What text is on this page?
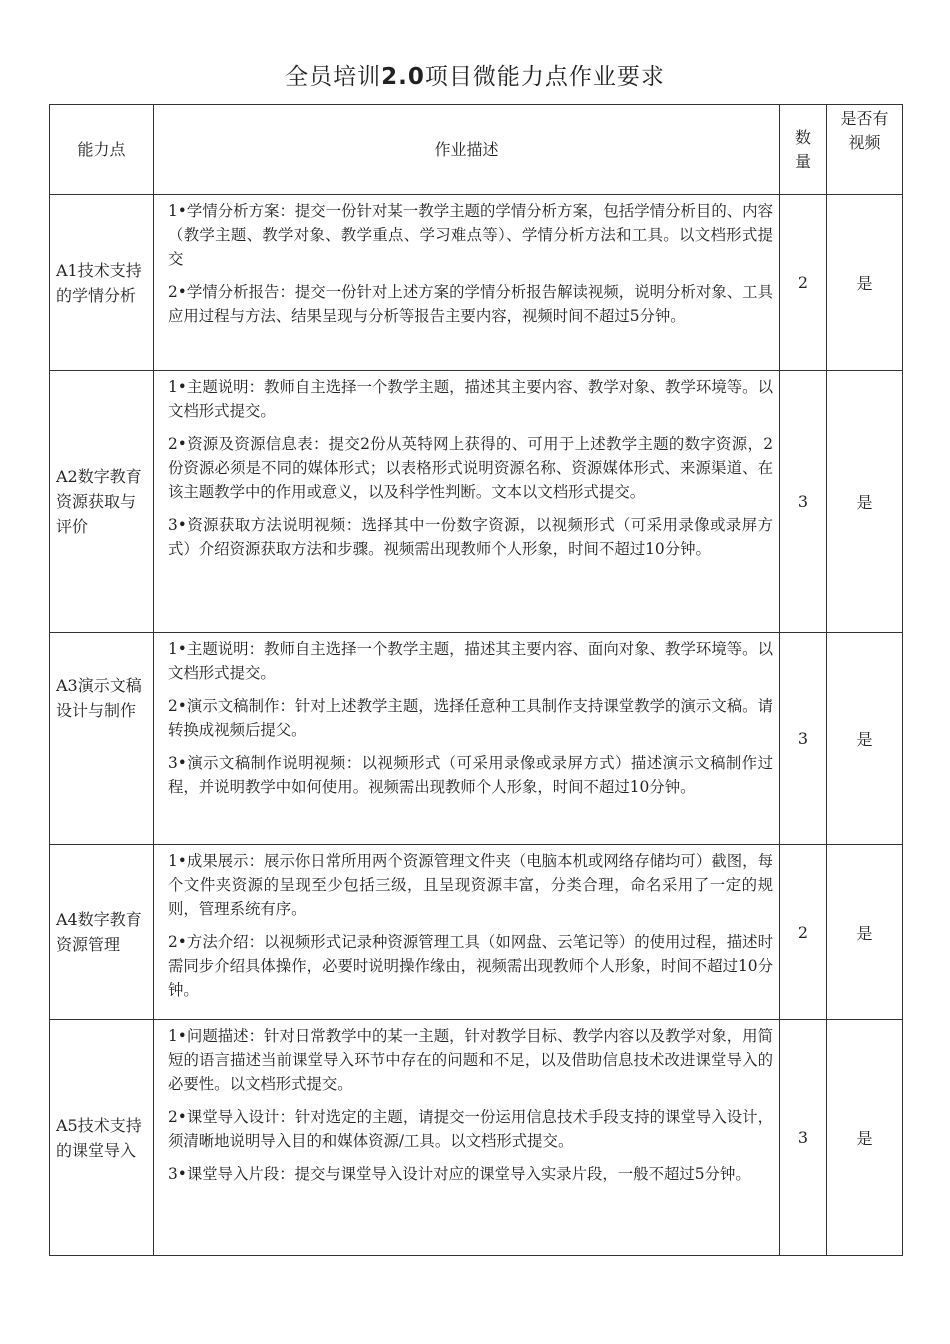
全员培训2.0项目微能力点作业要求
能力点	作业描述	数量	是否有视频
A1技术支持的学情分析	1•学情分析方案：提交一份针对某一教学主题的学情分析方案，包括学情分析目的、内容（教学主题、教学对象、教学重点、学习难点等）、学情分析方法和工具。以文档形式提交
2•学情分析报告：提交一份针对上述方案的学情分析报告解读视频，说明分析对象、工具应用过程与方法、结果呈现与分析等报告主要内容，视频时间不超过5分钟。	2	是
A2数字教育资源获取与评价	1•主题说明：教师自主选择一个教学主题，描述其主要内容、教学对象、教学环境等。以文档形式提交。
2•资源及资源信息表：提交2份从英特网上获得的、可用于上述教学主题的数字资源，2份资源必须是不同的媒体形式；以表格形式说明资源名称、资源媒体形式、来源渠道、在该主题教学中的作用或意义，以及科学性判断。文本以文档形式提交。
3•资源获取方法说明视频：选择其中一份数字资源，以视频形式（可采用录像或录屏方式）介绍资源获取方法和步骤。视频需出现教师个人形象，时间不超过10分钟。	3	是
A3演示文稿设计与制作	1•主题说明：教师自主选择一个教学主题，描述其主要内容、面向对象、教学环境等。以文档形式提交。
2•演示文稿制作：针对上述教学主题，选择任意种工具制作支持课堂教学的演示文稿。请转换成视频后提父。
3•演示文稿制作说明视频：以视频形式（可采用录像或录屏方式）描述演示文稿制作过程，并说明教学中如何使用。视频需出现教师个人形象，时间不超过10分钟。	3	是
A4数字教育资源管理	1•成果展示：展示你日常所用两个资源管理文件夹（电脑本机或网络存储均可）截图，每个文件夹资源的呈现至少包括三级，且呈现资源丰富，分类合理，命名采用了一定的规则，管理系统有序。
2•方法介绍：以视频形式记录种资源管理工具（如网盘、云笔记等）的使用过程，描述时需同步介绍具体操作，必要时说明操作缘由，视频需出现教师个人形象，时间不超过10分钟。	2	是
A5技术支持的课堂导入	1•问题描述：针对日常教学中的某一主题，针对教学目标、教学内容以及教学对象，用简短的语言描述当前课堂导入环节中存在的问题和不足，以及借助信息技术改进课堂导入的必要性。以文档形式提交。
2•课堂导入设计：针对选定的主题，请提交一份运用信息技术手段支持的课堂导入设计，须清晰地说明导入目的和媒体资源/工具。以文档形式提交。
3•课堂导入片段：提交与课堂导入设计对应的课堂导入实录片段，一般不超过5分钟。	3	是
